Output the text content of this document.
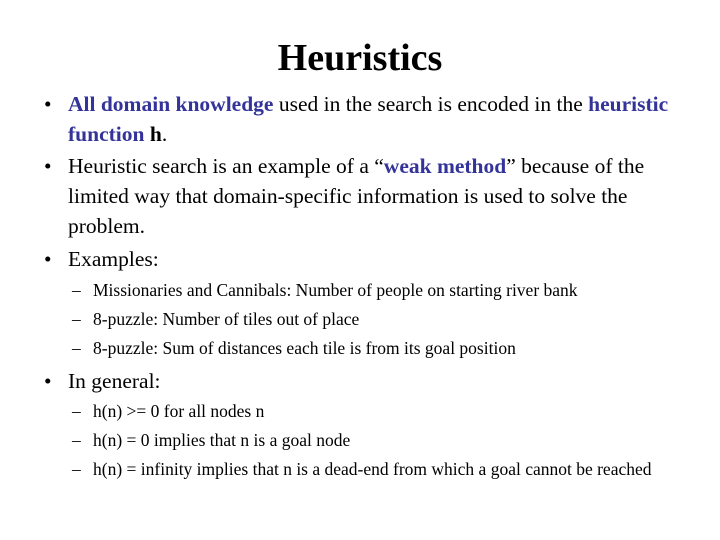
Heuristics
• All domain knowledge used in the search is encoded in the heuristic function h.
• Heuristic search is an example of a “weak method” because of the limited way that domain-specific information is used to solve the problem.
• Examples:
– Missionaries and Cannibals: Number of people on starting river bank
– 8-puzzle: Number of tiles out of place
– 8-puzzle: Sum of distances each tile is from its goal position
• In general:
– h(n) >= 0 for all nodes n
– h(n) = 0 implies that n is a goal node
– h(n) = infinity implies that n is a dead-end from which a goal cannot be reached
